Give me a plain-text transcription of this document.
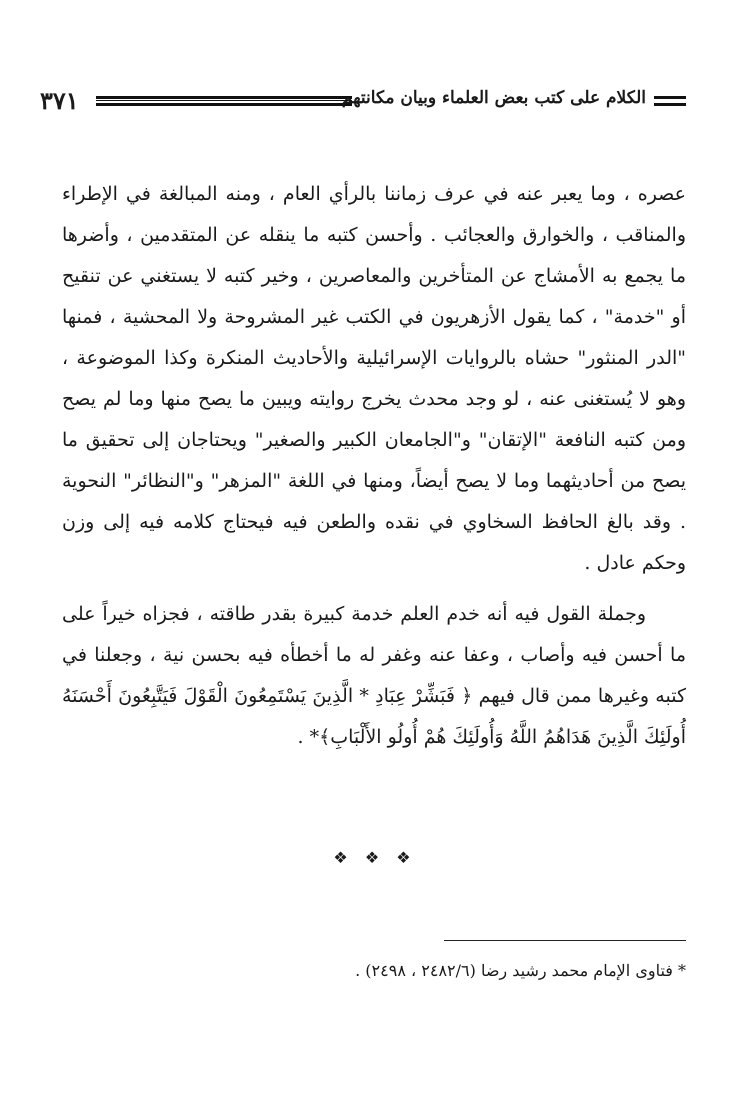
٣٧١	الكلام على كتب بعض العلماء وبيان مكانتهم

عصره ، وما يعبر عنه في عرف زماننا بالرأي العام ، ومنه المبالغة في الإطراء والمناقب ، والخوارق والعجائب . وأحسن كتبه ما ينقله عن المتقدمين ، وأضرها ما يجمع به الأمشاج عن المتأخرين والمعاصرين ، وخير كتبه لا يستغني عن تنقيح أو "خدمة" ، كما يقول الأزهريون في الكتب غير المشروحة ولا المحشية ، فمنها "الدر المنثور" حشاه بالروايات الإسرائيلية والأحاديث المنكرة وكذا الموضوعة ، وهو لا يُستغنى عنه ، لو وجد محدث يخرج روايته ويبين ما يصح منها وما لم يصح ومن كتبه النافعة "الإتقان" و"الجامعان الكبير والصغير" ويحتاجان إلى تحقيق ما يصح من أحاديثهما وما لا يصح أيضاً، ومنها في اللغة "المزهر" و"النظائر" النحوية . وقد بالغ الحافظ السخاوي في نقده والطعن فيه فيحتاج كلامه فيه إلى وزن وحكم عادل .

وجملة القول فيه أنه خدم العلم خدمة كبيرة بقدر طاقته ، فجزاه خيراً على ما أحسن فيه وأصاب ، وعفا عنه وغفر له ما أخطأه فيه بحسن نية ، وجعلنا في كتبه وغيرها ممن قال فيهم ﴿ فَبَشِّرْ عِبَادِ * الَّذِينَ يَسْتَمِعُونَ الْقَوْلَ فَيَتَّبِعُونَ أَحْسَنَهُ أُولَئِكَ الَّذِينَ هَدَاهُمُ اللَّهُ وَأُولَئِكَ هُمْ أُولُو الأَلْبَابِ﴾* .

❖ ❖ ❖
* فتاوى الإمام محمد رشيد رضا (٢٤٨٢/٦ ، ٢٤٩٨) .
